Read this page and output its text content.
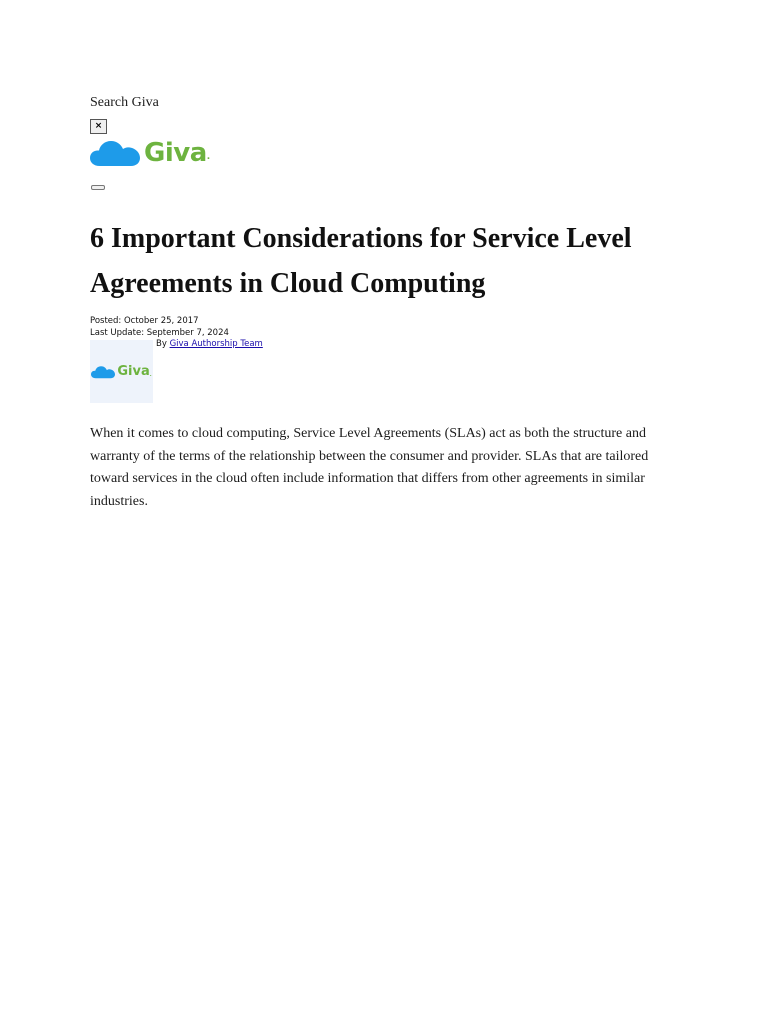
Search Giva
×
Giva .
6 Important Considerations for Service Level Agreements in Cloud Computing
Posted: October 25, 2017
Last Update: September 7, 2024
Giva .
By Giva Authorship Team

When it comes to cloud computing, Service Level Agreements (SLAs) act as both the structure and warranty of the terms of the relationship between the consumer and provider. SLAs that are tailored toward services in the cloud often include information that differs from other agreements in similar industries.
